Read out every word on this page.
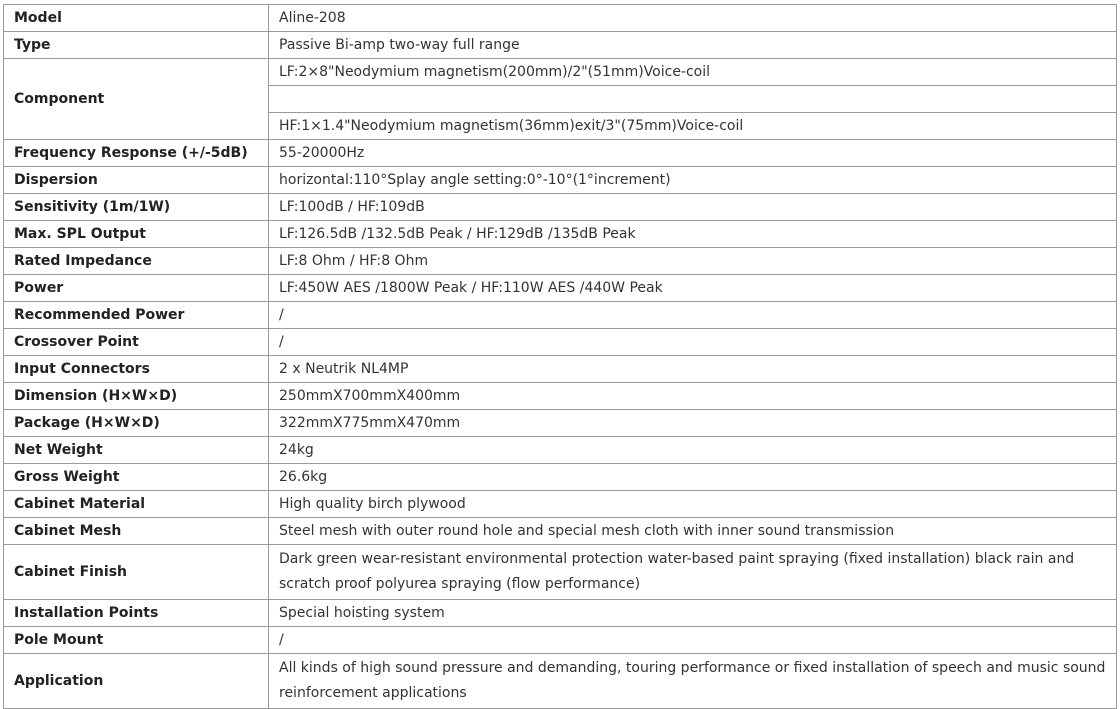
Model	Aline-208
Type	Passive Bi-amp two-way full range
Component	LF:2×8"Neodymium magnetism(200mm)/2"(51mm)Voice-coil

	HF:1×1.4"Neodymium magnetism(36mm)exit/3"(75mm)Voice-coil
Frequency Response (+/-5dB)	55-20000Hz
Dispersion	horizontal:110°Splay angle setting:0°-10°(1°increment)
Sensitivity (1m/1W)	LF:100dB / HF:109dB
Max. SPL Output	LF:126.5dB /132.5dB Peak / HF:129dB /135dB Peak
Rated Impedance	LF:8 Ohm / HF:8 Ohm
Power	LF:450W AES /1800W Peak / HF:110W AES /440W Peak
Recommended Power	/
Crossover Point	/
Input Connectors	2 x Neutrik NL4MP
Dimension (H×W×D)	250mmX700mmX400mm
Package (H×W×D)	322mmX775mmX470mm
Net Weight	24kg
Gross Weight	26.6kg
Cabinet Material	High quality birch plywood
Cabinet Mesh	Steel mesh with outer round hole and special mesh cloth with inner sound transmission
Cabinet Finish	Dark green wear-resistant environmental protection water-based paint spraying (fixed installation) black rain and scratch proof polyurea spraying (flow performance)
Installation Points	Special hoisting system
Pole Mount	/
Application	All kinds of high sound pressure and demanding, touring performance or fixed installation of speech and music sound reinforcement applications
